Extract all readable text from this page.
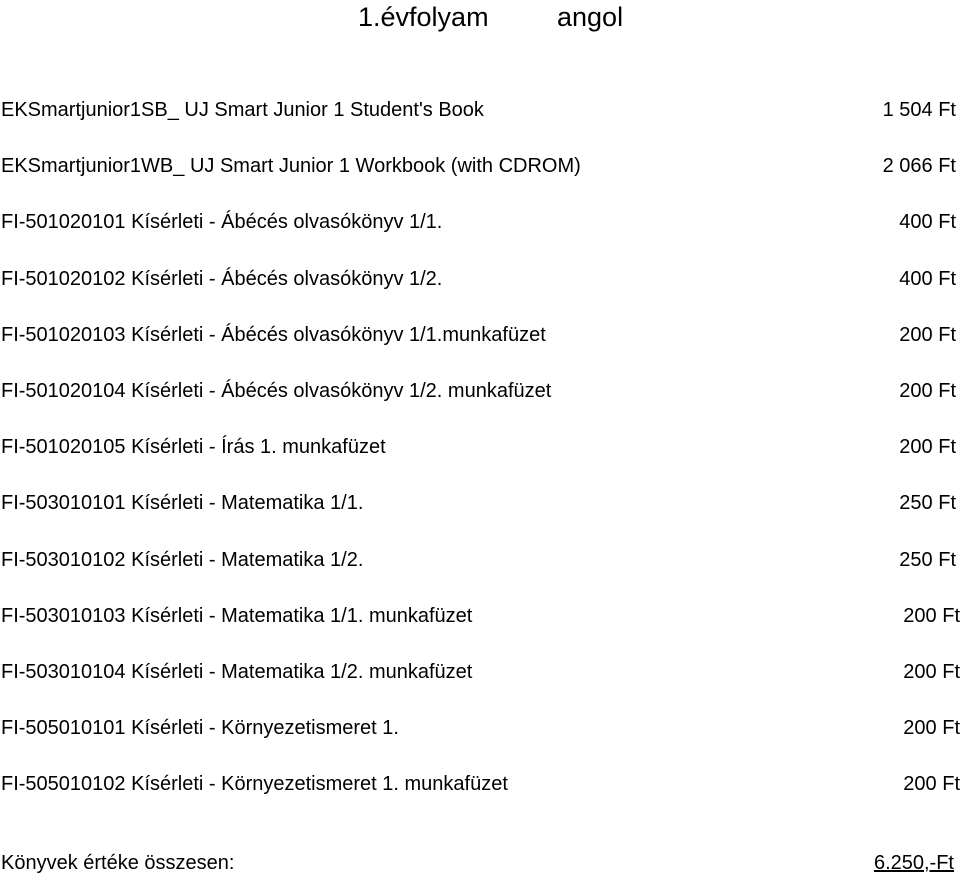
1.évfolyam	angol
EKSmartjunior1SB_ UJ Smart Junior 1 Student's Book	1 504 Ft
EKSmartjunior1WB_ UJ Smart Junior 1 Workbook (with CDROM)	2 066 Ft
FI-501020101 Kísérleti - Ábécés olvasókönyv 1/1.	400 Ft
FI-501020102 Kísérleti - Ábécés olvasókönyv 1/2.	400 Ft
FI-501020103 Kísérleti - Ábécés olvasókönyv 1/1.munkafüzet	200 Ft
FI-501020104 Kísérleti - Ábécés olvasókönyv 1/2. munkafüzet	200 Ft
FI-501020105 Kísérleti - Írás 1. munkafüzet	200 Ft
FI-503010101 Kísérleti - Matematika 1/1.	250 Ft
FI-503010102 Kísérleti - Matematika 1/2.	250 Ft
FI-503010103 Kísérleti - Matematika 1/1. munkafüzet	200 Ft
FI-503010104 Kísérleti - Matematika 1/2. munkafüzet	200 Ft
FI-505010101 Kísérleti - Környezetismeret 1.	200 Ft
FI-505010102 Kísérleti - Környezetismeret 1. munkafüzet	200 Ft
Könyvek értéke összesen:	6.250,-Ft
